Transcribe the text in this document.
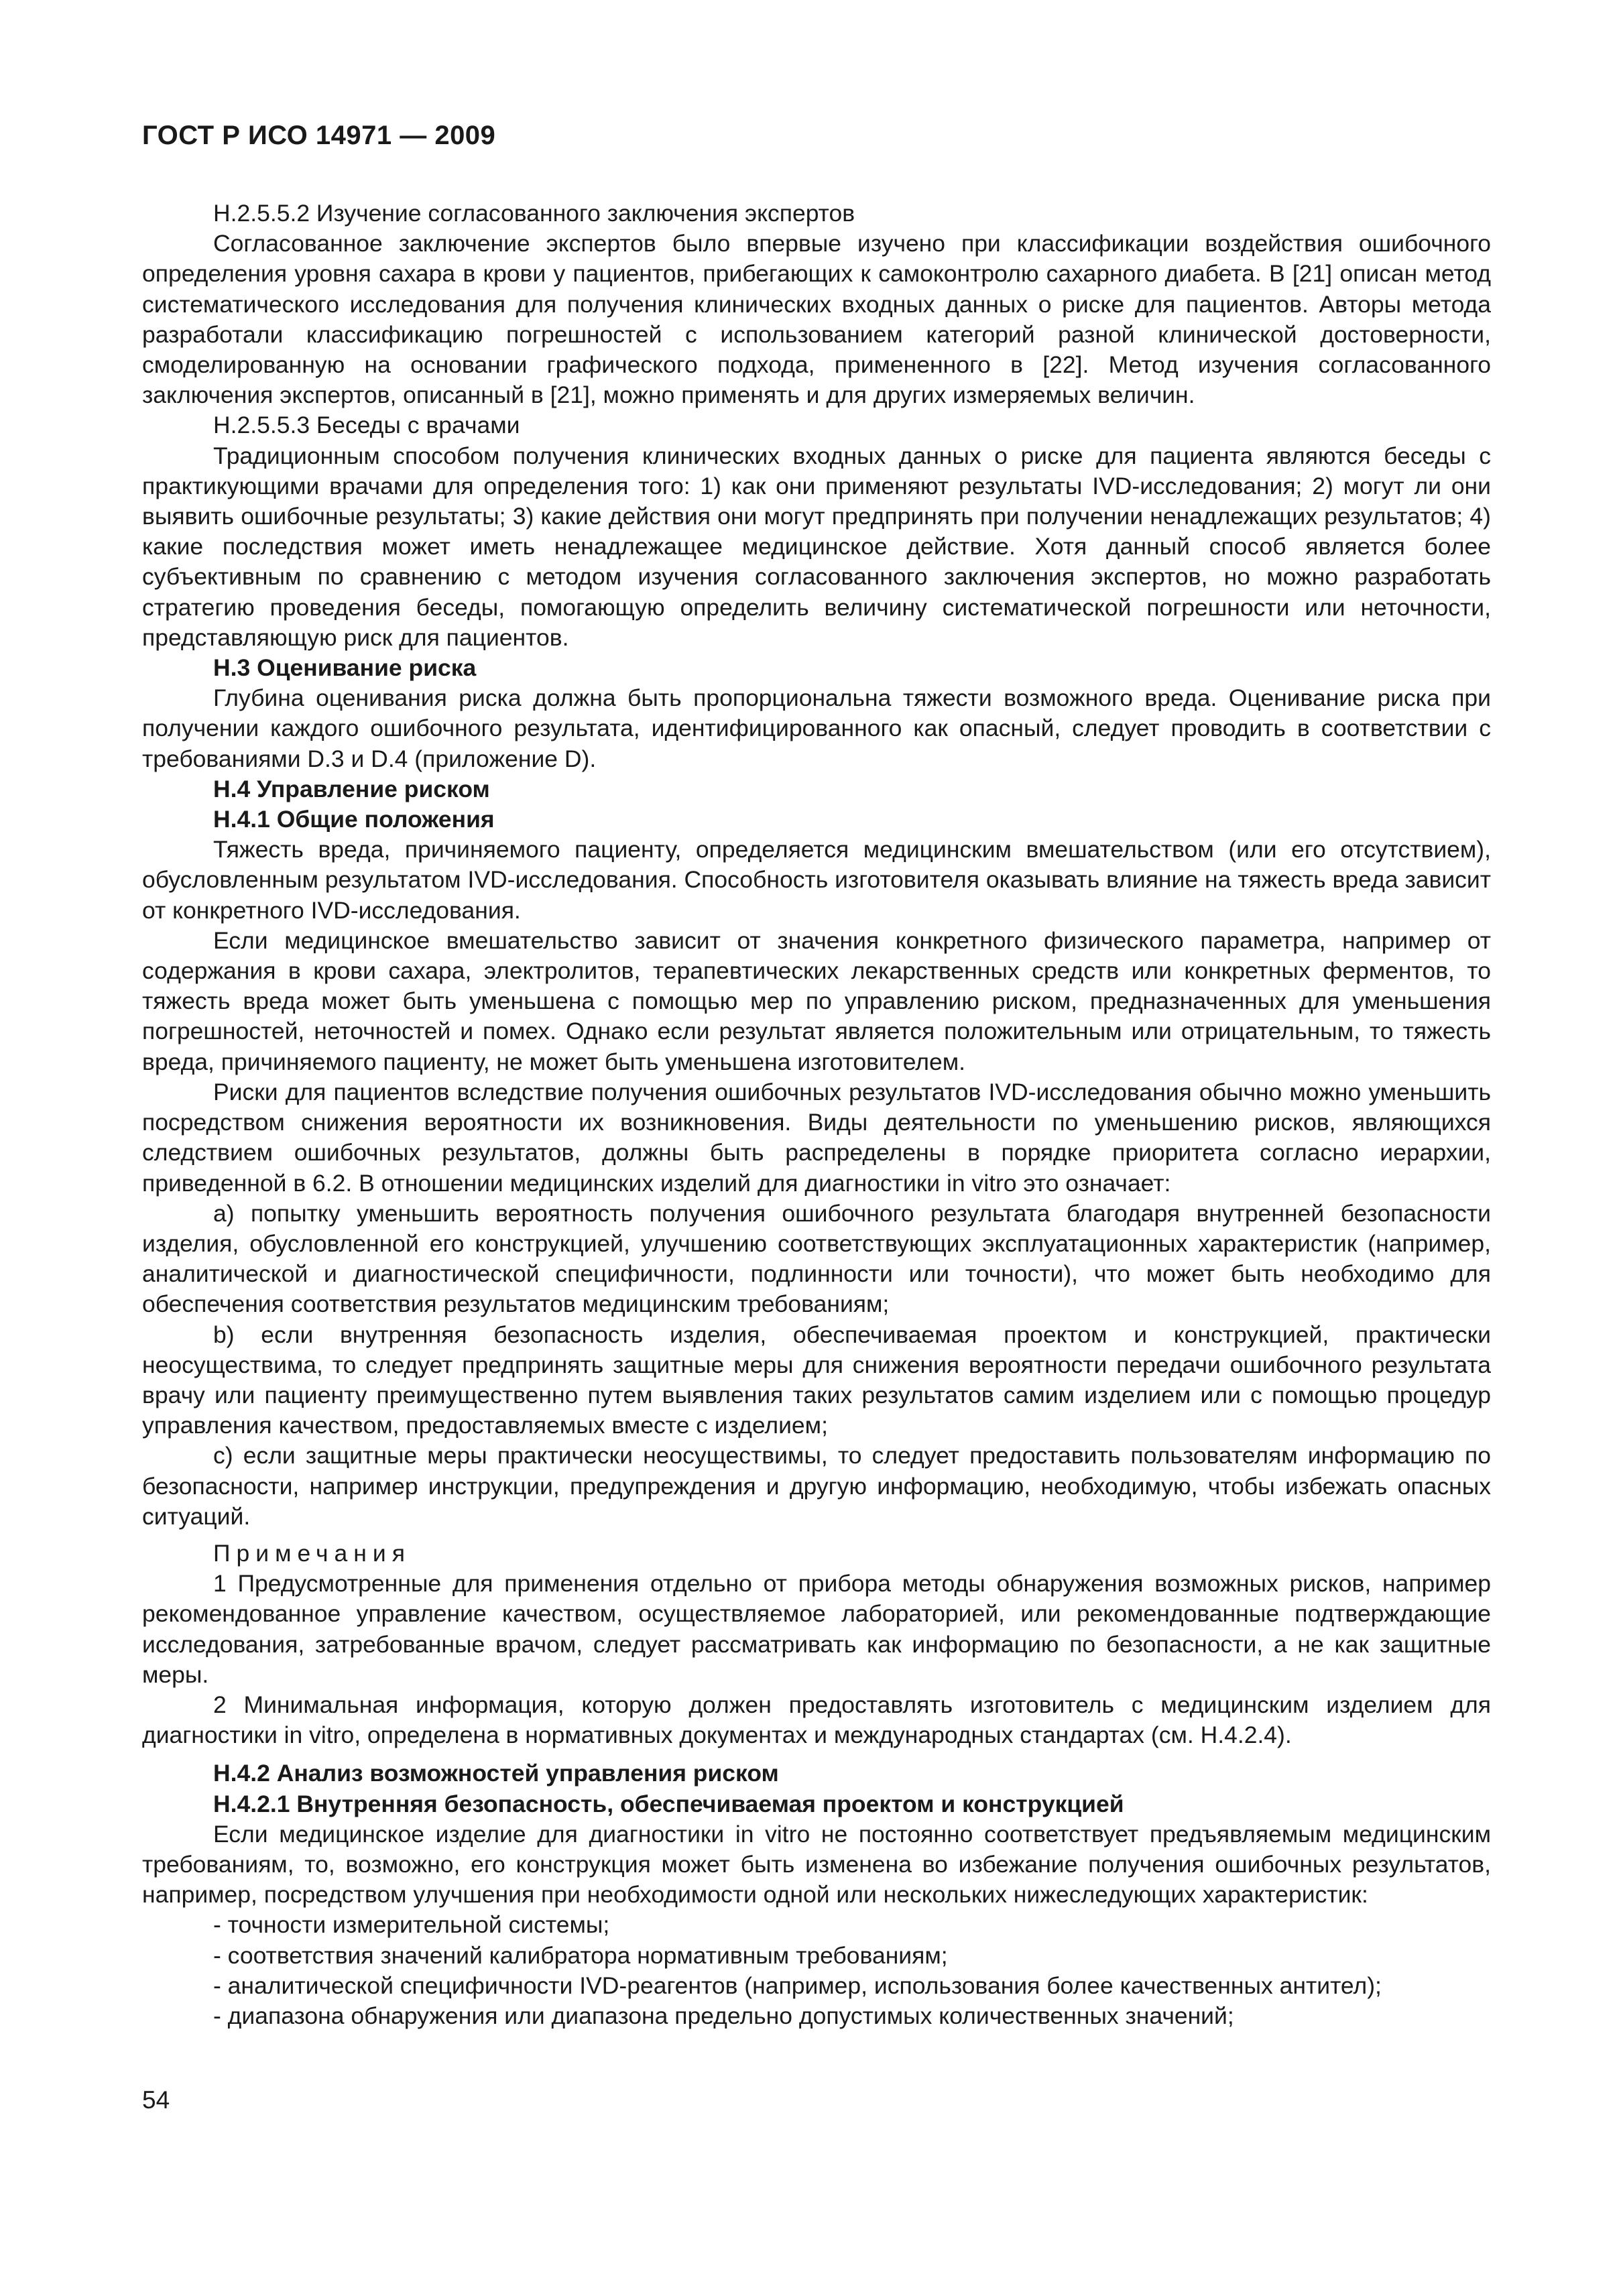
ГОСТ Р ИСО 14971 — 2009

Н.2.5.5.2 Изучение согласованного заключения экспертов

Согласованное заключение экспертов было впервые изучено при классификации воздействия ошибочного определения уровня сахара в крови у пациентов, прибегающих к самоконтролю сахарного диабета. В [21] описан метод систематического исследования для получения клинических входных данных о риске для пациентов. Авторы метода разработали классификацию погрешностей с использованием категорий разной клинической достоверности, смоделированную на основании графического подхода, примененного в [22]. Метод изучения согласованного заключения экспертов, описанный в [21], можно применять и для других измеряемых величин.

Н.2.5.5.3 Беседы с врачами

Традиционным способом получения клинических входных данных о риске для пациента являются беседы с практикующими врачами для определения того: 1) как они применяют результаты IVD-исследования; 2) могут ли они выявить ошибочные результаты; 3) какие действия они могут предпринять при получении ненадлежащих результатов; 4) какие последствия может иметь ненадлежащее медицинское действие. Хотя данный способ является более субъективным по сравнению с методом изучения согласованного заключения экспертов, но можно разработать стратегию проведения беседы, помогающую определить величину систематической погрешности или неточности, представляющую риск для пациентов.

Н.3 Оценивание риска

Глубина оценивания риска должна быть пропорциональна тяжести возможного вреда. Оценивание риска при получении каждого ошибочного результата, идентифицированного как опасный, следует проводить в соответствии с требованиями D.3 и D.4 (приложение D).

Н.4 Управление риском

Н.4.1 Общие положения

Тяжесть вреда, причиняемого пациенту, определяется медицинским вмешательством (или его отсутствием), обусловленным результатом IVD-исследования. Способность изготовителя оказывать влияние на тяжесть вреда зависит от конкретного IVD-исследования.

Если медицинское вмешательство зависит от значения конкретного физического параметра, например от содержания в крови сахара, электролитов, терапевтических лекарственных средств или конкретных ферментов, то тяжесть вреда может быть уменьшена с помощью мер по управлению риском, предназначенных для уменьшения погрешностей, неточностей и помех. Однако если результат является положительным или отрицательным, то тяжесть вреда, причиняемого пациенту, не может быть уменьшена изготовителем.

Риски для пациентов вследствие получения ошибочных результатов IVD-исследования обычно можно уменьшить посредством снижения вероятности их возникновения. Виды деятельности по уменьшению рисков, являющихся следствием ошибочных результатов, должны быть распределены в порядке приоритета согласно иерархии, приведенной в 6.2. В отношении медицинских изделий для диагностики in vitro это означает:

a) попытку уменьшить вероятность получения ошибочного результата благодаря внутренней безопасности изделия, обусловленной его конструкцией, улучшению соответствующих эксплуатационных характеристик (например, аналитической и диагностической специфичности, подлинности или точности), что может быть необходимо для обеспечения соответствия результатов медицинским требованиям;

b) если внутренняя безопасность изделия, обеспечиваемая проектом и конструкцией, практически неосуществима, то следует предпринять защитные меры для снижения вероятности передачи ошибочного результата врачу или пациенту преимущественно путем выявления таких результатов самим изделием или с помощью процедур управления качеством, предоставляемых вместе с изделием;

c) если защитные меры практически неосуществимы, то следует предоставить пользователям информацию по безопасности, например инструкции, предупреждения и другую информацию, необходимую, чтобы избежать опасных ситуаций.

Примечания

1 Предусмотренные для применения отдельно от прибора методы обнаружения возможных рисков, например рекомендованное управление качеством, осуществляемое лабораторией, или рекомендованные подтверждающие исследования, затребованные врачом, следует рассматривать как информацию по безопасности, а не как защитные меры.

2 Минимальная информация, которую должен предоставлять изготовитель с медицинским изделием для диагностики in vitro, определена в нормативных документах и международных стандартах (см. Н.4.2.4).

Н.4.2 Анализ возможностей управления риском

Н.4.2.1 Внутренняя безопасность, обеспечиваемая проектом и конструкцией

Если медицинское изделие для диагностики in vitro не постоянно соответствует предъявляемым медицинским требованиям, то, возможно, его конструкция может быть изменена во избежание получения ошибочных результатов, например, посредством улучшения при необходимости одной или нескольких нижеследующих характеристик:

- точности измерительной системы;

- соответствия значений калибратора нормативным требованиям;

- аналитической специфичности IVD-реагентов (например, использования более качественных антител);

- диапазона обнаружения или диапазона предельно допустимых количественных значений;

54
